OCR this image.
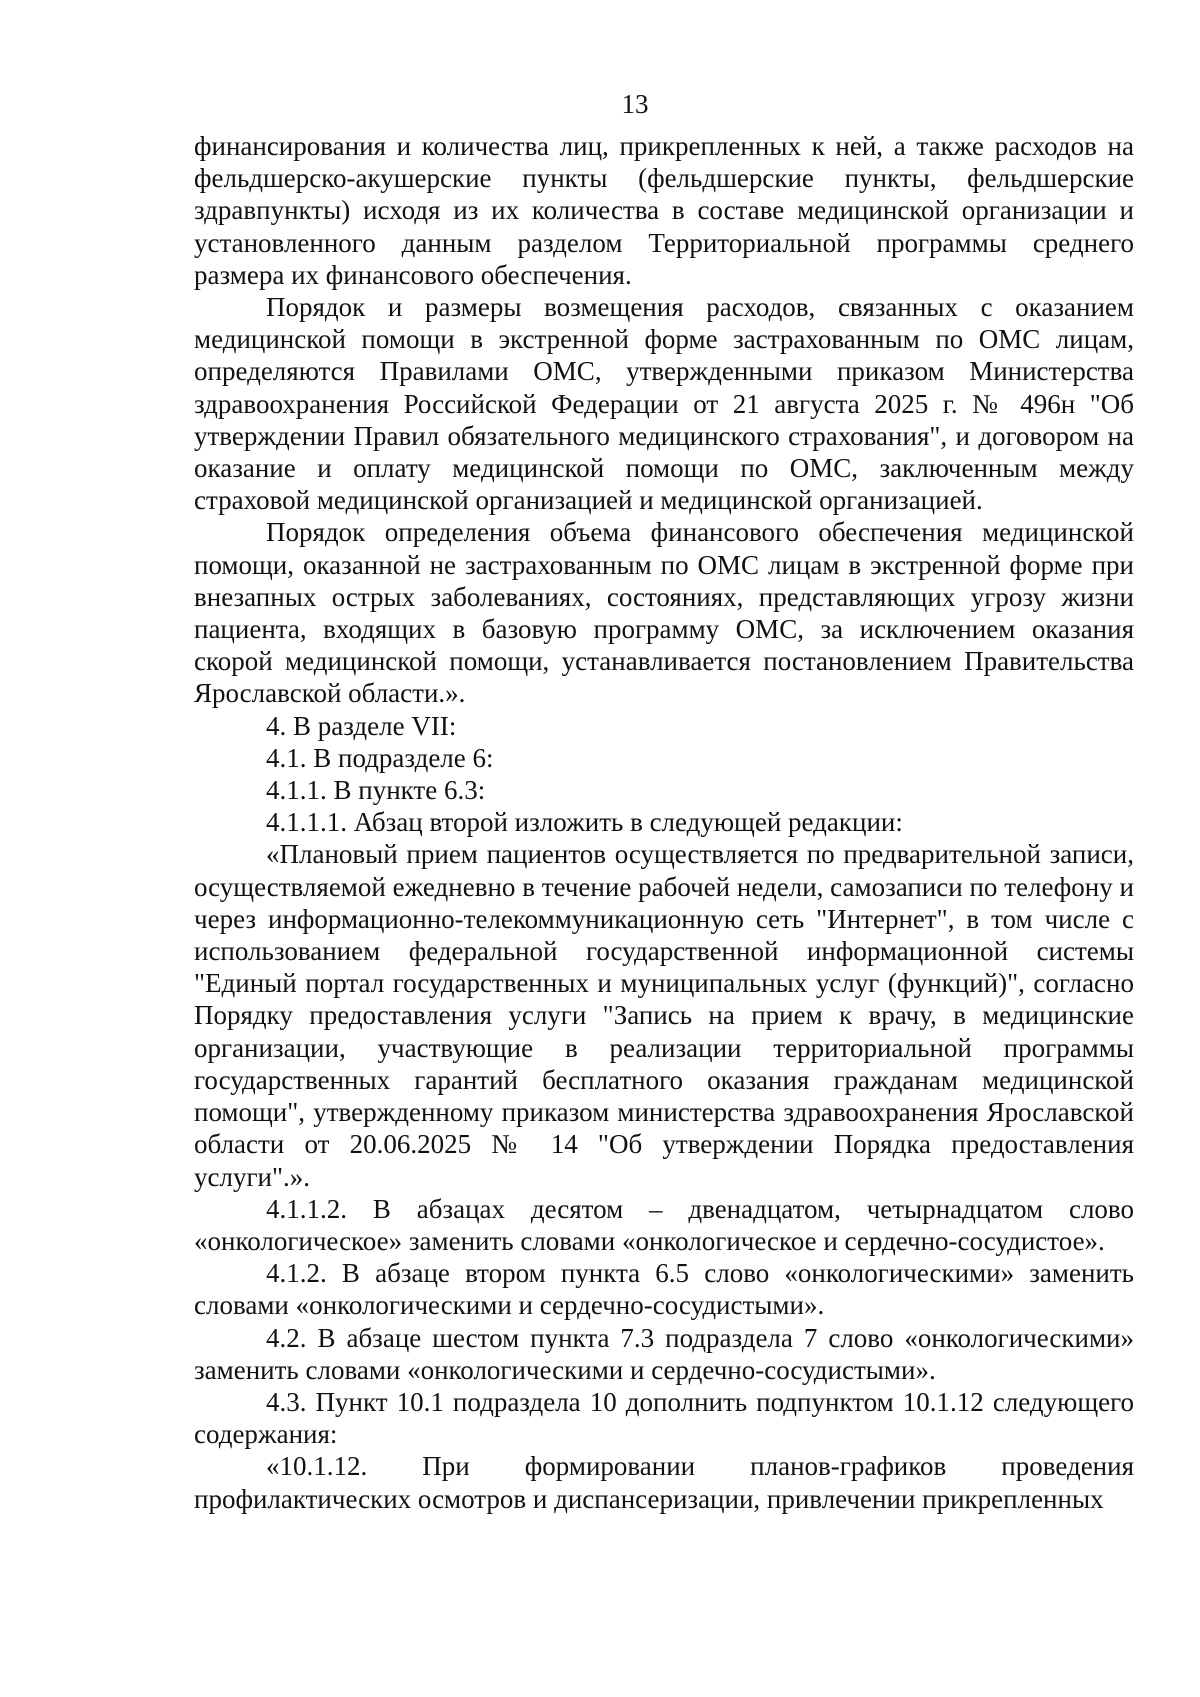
13

финансирования и количества лиц, прикрепленных к ней, а также расходов на фельдшерско-акушерские пункты (фельдшерские пункты, фельдшерские здравпункты) исходя из их количества в составе медицинской организации и установленного данным разделом Территориальной программы среднего размера их финансового обеспечения.

Порядок и размеры возмещения расходов, связанных с оказанием медицинской помощи в экстренной форме застрахованным по ОМС лицам, определяются Правилами ОМС, утвержденными приказом Министерства здравоохранения Российской Федерации от 21 августа 2025 г. № 496н "Об утверждении Правил обязательного медицинского страхования", и договором на оказание и оплату медицинской помощи по ОМС, заключенным между страховой медицинской организацией и медицинской организацией.

Порядок определения объема финансового обеспечения медицинской помощи, оказанной не застрахованным по ОМС лицам в экстренной форме при внезапных острых заболеваниях, состояниях, представляющих угрозу жизни пациента, входящих в базовую программу ОМС, за исключением оказания скорой медицинской помощи, устанавливается постановлением Правительства Ярославской области.».

4. В разделе VII:

4.1. В подразделе 6:

4.1.1. В пункте 6.3:

4.1.1.1. Абзац второй изложить в следующей редакции:

«Плановый прием пациентов осуществляется по предварительной записи, осуществляемой ежедневно в течение рабочей недели, самозаписи по телефону и через информационно-телекоммуникационную сеть "Интернет", в том числе с использованием федеральной государственной информационной системы "Единый портал государственных и муниципальных услуг (функций)", согласно Порядку предоставления услуги "Запись на прием к врачу, в медицинские организации, участвующие в реализации территориальной программы государственных гарантий бесплатного оказания гражданам медицинской помощи", утвержденному приказом министерства здравоохранения Ярославской области от 20.06.2025 № 14 "Об утверждении Порядка предоставления услуги".».

4.1.1.2. В абзацах десятом – двенадцатом, четырнадцатом слово «онкологическое» заменить словами «онкологическое и сердечно-сосудистое».

4.1.2. В абзаце втором пункта 6.5 слово «онкологическими» заменить словами «онкологическими и сердечно-сосудистыми».

4.2. В абзаце шестом пункта 7.3 подраздела 7 слово «онкологическими» заменить словами «онкологическими и сердечно-сосудистыми».

4.3. Пункт 10.1 подраздела 10 дополнить подпунктом 10.1.12 следующего содержания:

«10.1.12. При формировании планов-графиков проведения профилактических осмотров и диспансеризации, привлечении прикрепленных
